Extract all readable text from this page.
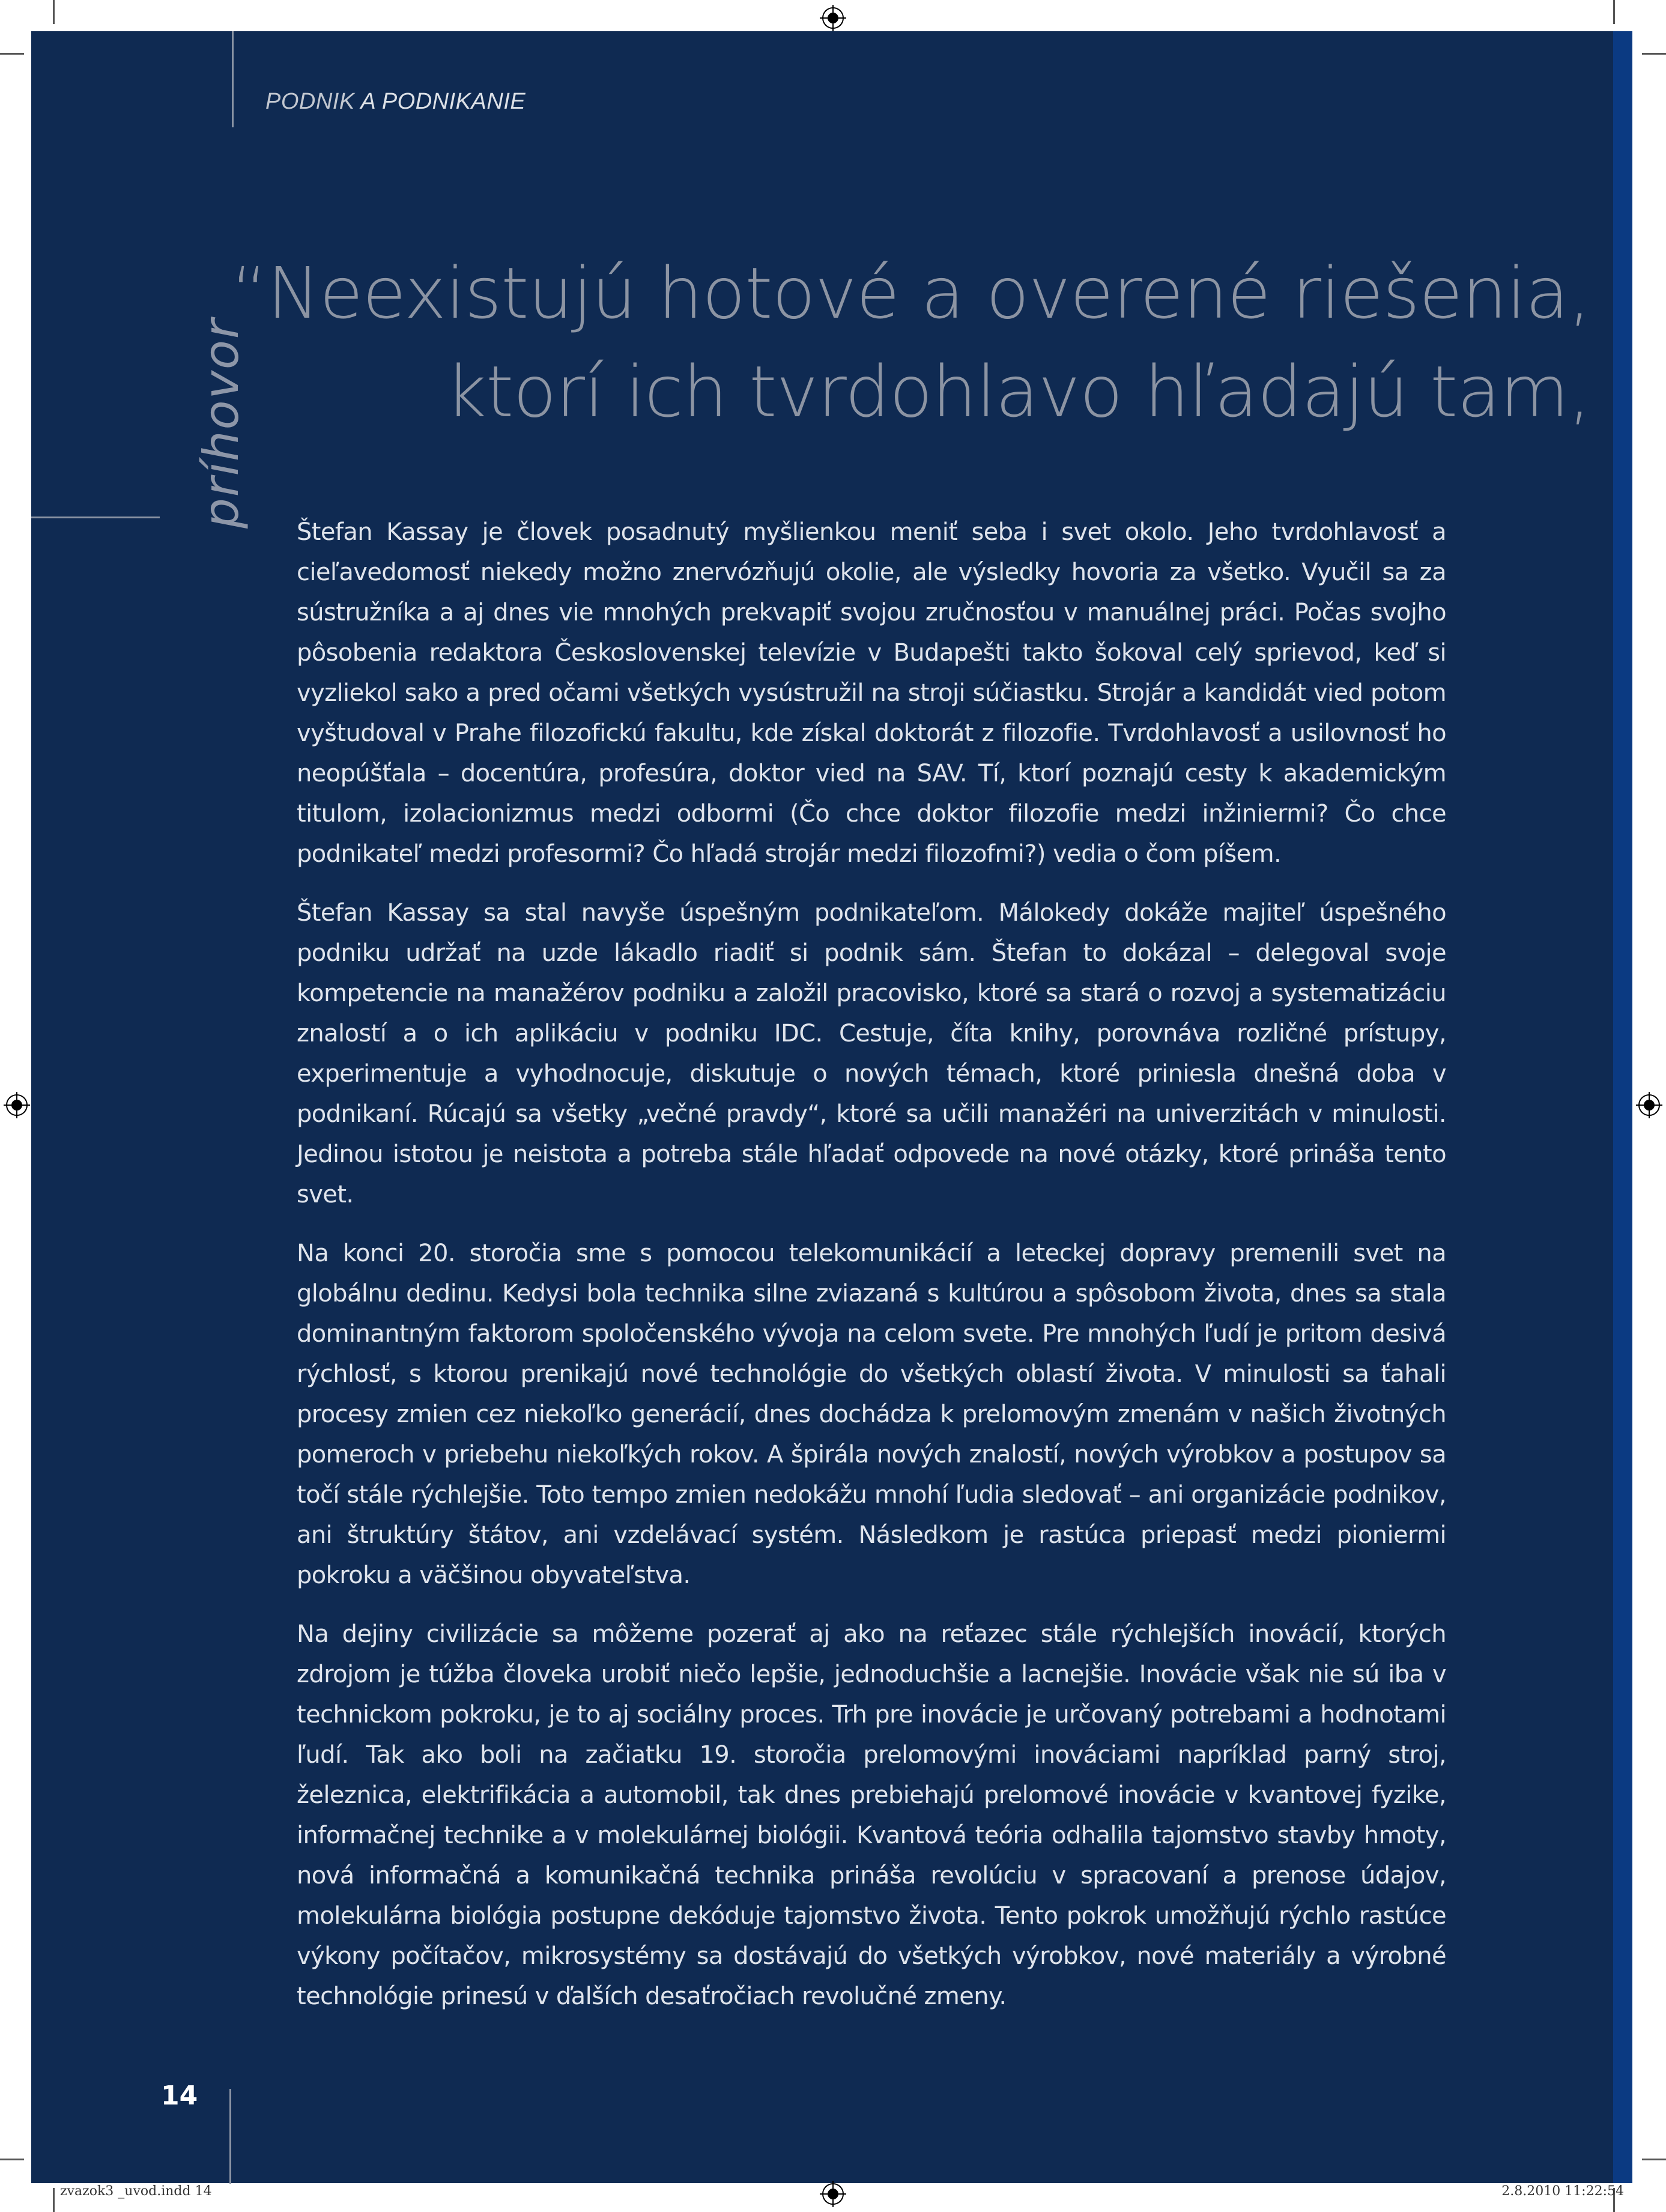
PODNIK A PODNIKANIE
príhovor
“Neexistujú hotové a overené riešenia,
ktorí ich tvrdohlavo hľadajú tam,

Štefan Kassay je človek posadnutý myšlienkou meniť seba i svet okolo. Jeho tvrdohlavosť a cieľavedomosť niekedy možno znervózňujú okolie, ale výsledky hovoria za všetko. Vyučil sa za sústružníka a aj dnes vie mnohých prekvapiť svojou zručnosťou v manuálnej práci. Počas svojho pôsobenia redaktora Československej televízie v Budapešti takto šokoval celý sprievod, keď si vyzliekol sako a pred očami všetkých vysústružil na stroji súčiastku. Strojár a kandidát vied potom vyštudoval v Prahe filozofickú fakultu, kde získal doktorát z filozofie. Tvrdohlavosť a usilovnosť ho neopúšťala – docentúra, profesúra, doktor vied na SAV. Tí, ktorí poznajú cesty k akademickým titulom, izolacionizmus medzi odbormi (Čo chce doktor filozofie medzi inžiniermi? Čo chce podnikateľ medzi profesormi? Čo hľadá strojár medzi filozofmi?) vedia o čom píšem.

Štefan Kassay sa stal navyše úspešným podnikateľom. Málokedy dokáže majiteľ úspešného podniku udržať na uzde lákadlo riadiť si podnik sám. Štefan to dokázal – delegoval svoje kompetencie na manažérov podniku a založil pracovisko, ktoré sa stará o rozvoj a systematizáciu znalostí a o ich aplikáciu v podniku IDC. Cestuje, číta knihy, porovnáva rozličné prístupy, experimentuje a vyhodnocuje, diskutuje o nových témach, ktoré priniesla dnešná doba v podnikaní. Rúcajú sa všetky „večné pravdy“, ktoré sa učili manažéri na univerzitách v minulosti. Jedinou istotou je neistota a potreba stále hľadať odpovede na nové otázky, ktoré prináša tento svet.

Na konci 20. storočia sme s pomocou telekomunikácií a leteckej dopravy premenili svet na globálnu dedinu. Kedysi bola technika silne zviazaná s kultúrou a spôsobom života, dnes sa stala dominantným faktorom spoločenského vývoja na celom svete. Pre mnohých ľudí je pritom desivá rýchlosť, s ktorou prenikajú nové technológie do všetkých oblastí života. V minulosti sa ťahali procesy zmien cez niekoľko generácií, dnes dochádza k prelomovým zmenám v našich životných pomeroch v priebehu niekoľkých rokov. A špirála nových znalostí, nových výrobkov a postupov sa točí stále rýchlejšie. Toto tempo zmien nedokážu mnohí ľudia sledovať – ani organizácie podnikov, ani štruktúry štátov, ani vzdelávací systém. Následkom je rastúca priepasť medzi pioniermi pokroku a väčšinou obyvateľstva.

Na dejiny civilizácie sa môžeme pozerať aj ako na reťazec stále rýchlejších inovácií, ktorých zdrojom je túžba človeka urobiť niečo lepšie, jednoduchšie a lacnejšie. Inovácie však nie sú iba v technickom pokroku, je to aj sociálny proces. Trh pre inovácie je určovaný potrebami a hodnotami ľudí. Tak ako boli na začiatku 19. storočia prelomovými inováciami napríklad parný stroj, železnica, elektrifikácia a automobil, tak dnes prebiehajú prelomové inovácie v kvantovej fyzike, informačnej technike a v molekulárnej biológii. Kvantová teória odhalila tajomstvo stavby hmoty, nová informačná a komunikačná technika prináša revolúciu v spracovaní a prenose údajov, molekulárna biológia postupne dekóduje tajomstvo života. Tento pokrok umožňujú rýchlo rastúce výkony počítačov, mikrosystémy sa dostávajú do všetkých výrobkov, nové materiály a výrobné technológie prinesú v ďalších desaťročiach revolučné zmeny.

14
zvazok3 _uvod.indd 14	2.8.2010 11:22:54
